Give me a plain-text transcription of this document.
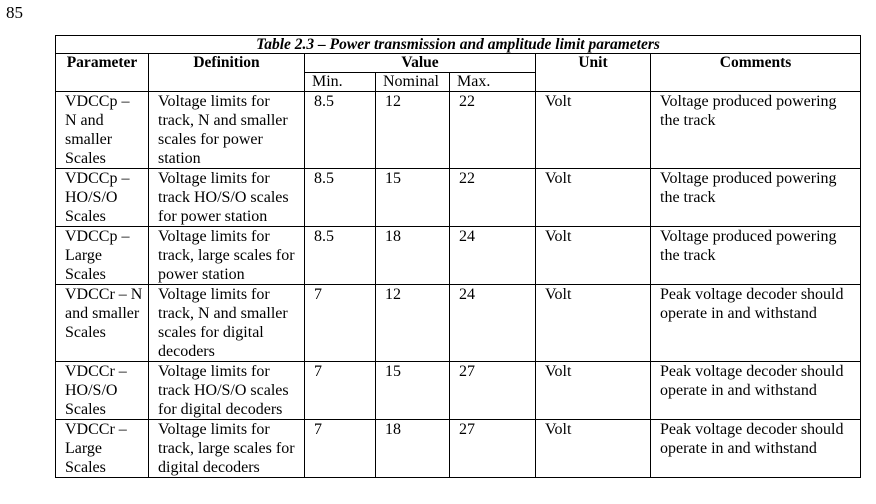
85
Table 2.3 – Power transmission and amplitude limit parameters						
Parameter	Definition	Value			Unit	Comments
		Min.	Nominal	Max.		
VDCCp – N and smaller Scales	Voltage limits for track, N and smaller scales for power station	8.5	12	22	Volt	Voltage produced powering the track
VDCCp – HO/S/O Scales	Voltage limits for track HO/S/O scales for power station	8.5	15	22	Volt	Voltage produced powering the track
VDCCp – Large Scales	Voltage limits for track, large scales for power station	8.5	18	24	Volt	Voltage produced powering the track
VDCCr – N and smaller Scales	Voltage limits for track, N and smaller scales for digital decoders	7	12	24	Volt	Peak voltage decoder should operate in and withstand
VDCCr – HO/S/O Scales	Voltage limits for track HO/S/O scales for digital decoders	7	15	27	Volt	Peak voltage decoder should operate in and withstand
VDCCr – Large Scales	Voltage limits for track, large scales for digital decoders	7	18	27	Volt	Peak voltage decoder should operate in and withstand
